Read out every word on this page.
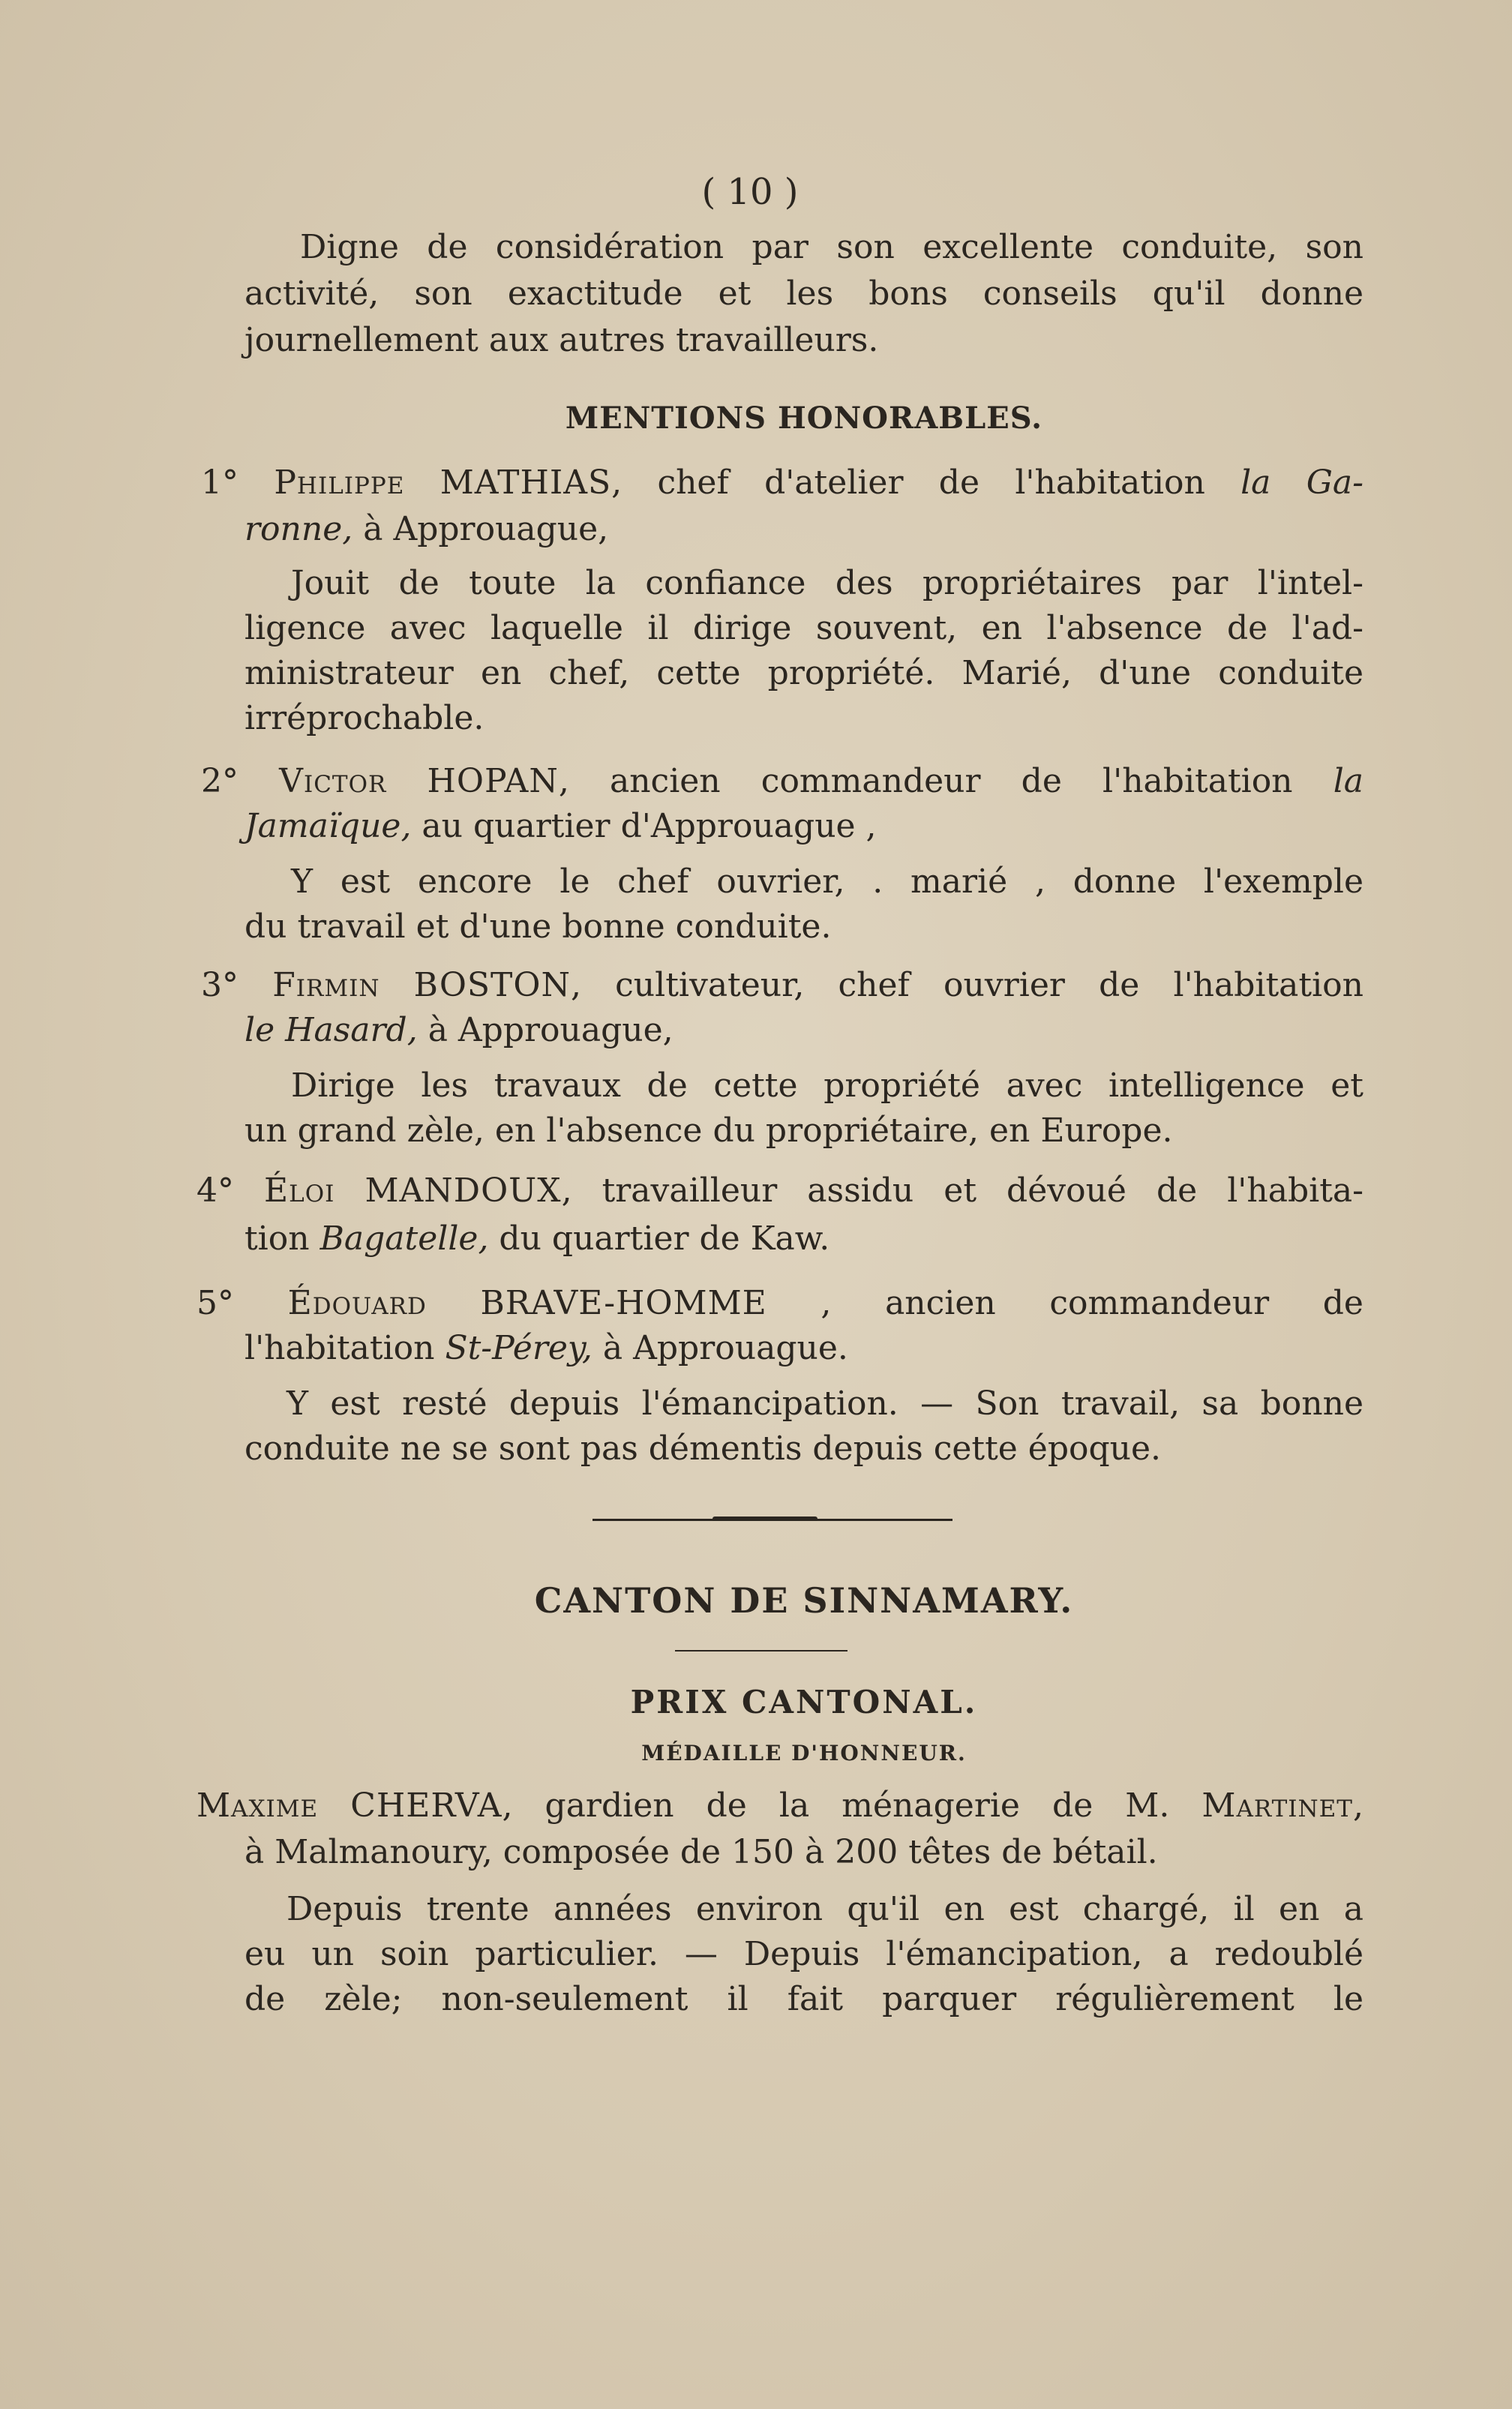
( 10 )
Digne de considération par son excellente conduite, son
activité, son exactitude et les bons conseils qu'il donne
journellement aux autres travailleurs.
MENTIONS HONORABLES.
1° Philippe MATHIAS, chef d'atelier de l'habitation la Ga-
ronne, à Approuague,
Jouit de toute la confiance des propriétaires par l'intel-
ligence avec laquelle il dirige souvent, en l'absence de l'ad-
ministrateur en chef, cette propriété. Marié, d'une conduite
irréprochable.
2° Victor HOPAN, ancien commandeur de l'habitation la
Jamaïque, au quartier d'Approuague ,
Y est encore le chef ouvrier, . marié , donne l'exemple
du travail et d'une bonne conduite.
3° Firmin BOSTON, cultivateur, chef ouvrier de l'habitation
le Hasard, à Approuague,
Dirige les travaux de cette propriété avec intelligence et
un grand zèle, en l'absence du propriétaire, en Europe.
4° Éloi MANDOUX, travailleur assidu et dévoué de l'habita-
tion Bagatelle, du quartier de Kaw.
5° Édouard BRAVE-HOMME , ancien commandeur de
l'habitation St-Pérey, à Approuague.
Y est resté depuis l'émancipation. — Son travail, sa bonne
conduite ne se sont pas démentis depuis cette époque.
CANTON DE SINNAMARY.
PRIX CANTONAL.
MÉDAILLE D'HONNEUR.
Maxime CHERVA, gardien de la ménagerie de M. Martinet,
à Malmanoury, composée de 150 à 200 têtes de bétail.
Depuis trente années environ qu'il en est chargé, il en a
eu un soin particulier. — Depuis l'émancipation, a redoublé
de zèle; non-seulement il fait parquer régulièrement le
